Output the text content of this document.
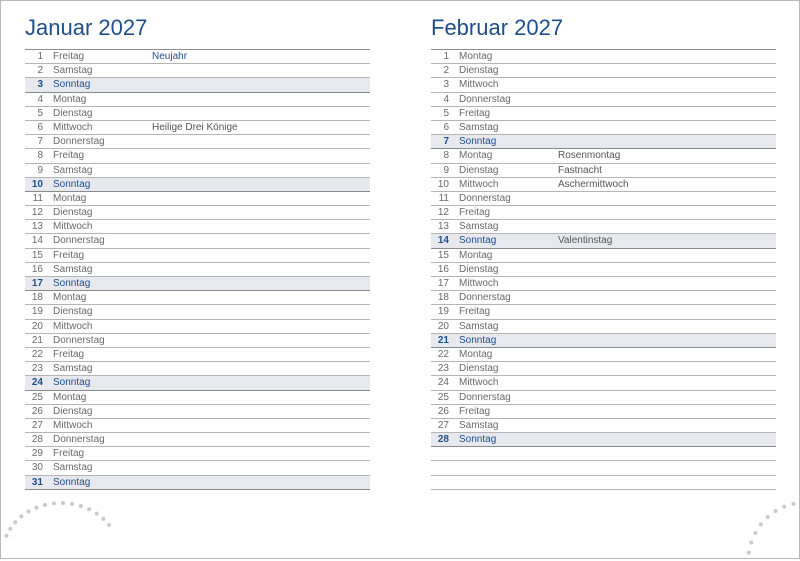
Januar 2027
1 Freitag	Neujahr
2 Samstag
3 Sonntag
4 Montag
5 Dienstag
6 Mittwoch	Heilige Drei Könige
7 Donnerstag
8 Freitag
9 Samstag
10 Sonntag
11 Montag
12 Dienstag
13 Mittwoch
14 Donnerstag
15 Freitag
16 Samstag
17 Sonntag
18 Montag
19 Dienstag
20 Mittwoch
21 Donnerstag
22 Freitag
23 Samstag
24 Sonntag
25 Montag
26 Dienstag
27 Mittwoch
28 Donnerstag
29 Freitag
30 Samstag
31 Sonntag
Februar 2027
1 Montag
2 Dienstag
3 Mittwoch
4 Donnerstag
5 Freitag
6 Samstag
7 Sonntag
8 Montag	Rosenmontag
9 Dienstag	Fastnacht
10 Mittwoch	Aschermittwoch
11 Donnerstag
12 Freitag
13 Samstag
14 Sonntag	Valentinstag
15 Montag
16 Dienstag
17 Mittwoch
18 Donnerstag
19 Freitag
20 Samstag
21 Sonntag
22 Montag
23 Dienstag
24 Mittwoch
25 Donnerstag
26 Freitag
27 Samstag
28 Sonntag
